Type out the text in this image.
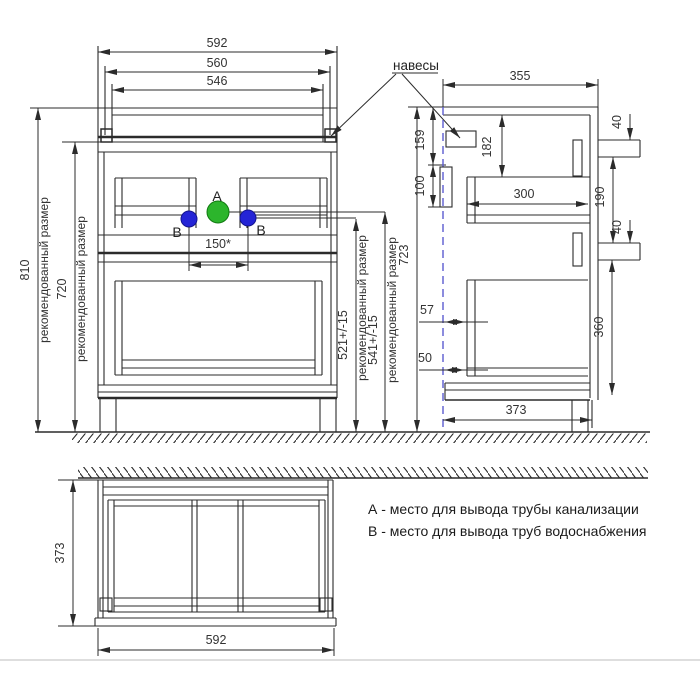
A
B	B
592
560
546
810 рекомендованный размер 720 рекомендованный размер	150*
521+/-15 рекомендованный размер
541+/-15 рекомендованный размер
723
навесы
355
159
100
182
300
40
190
40
360
57
50
373
373
592
А - место для вывода трубы канализации
В - место для вывода труб водоснабжения
